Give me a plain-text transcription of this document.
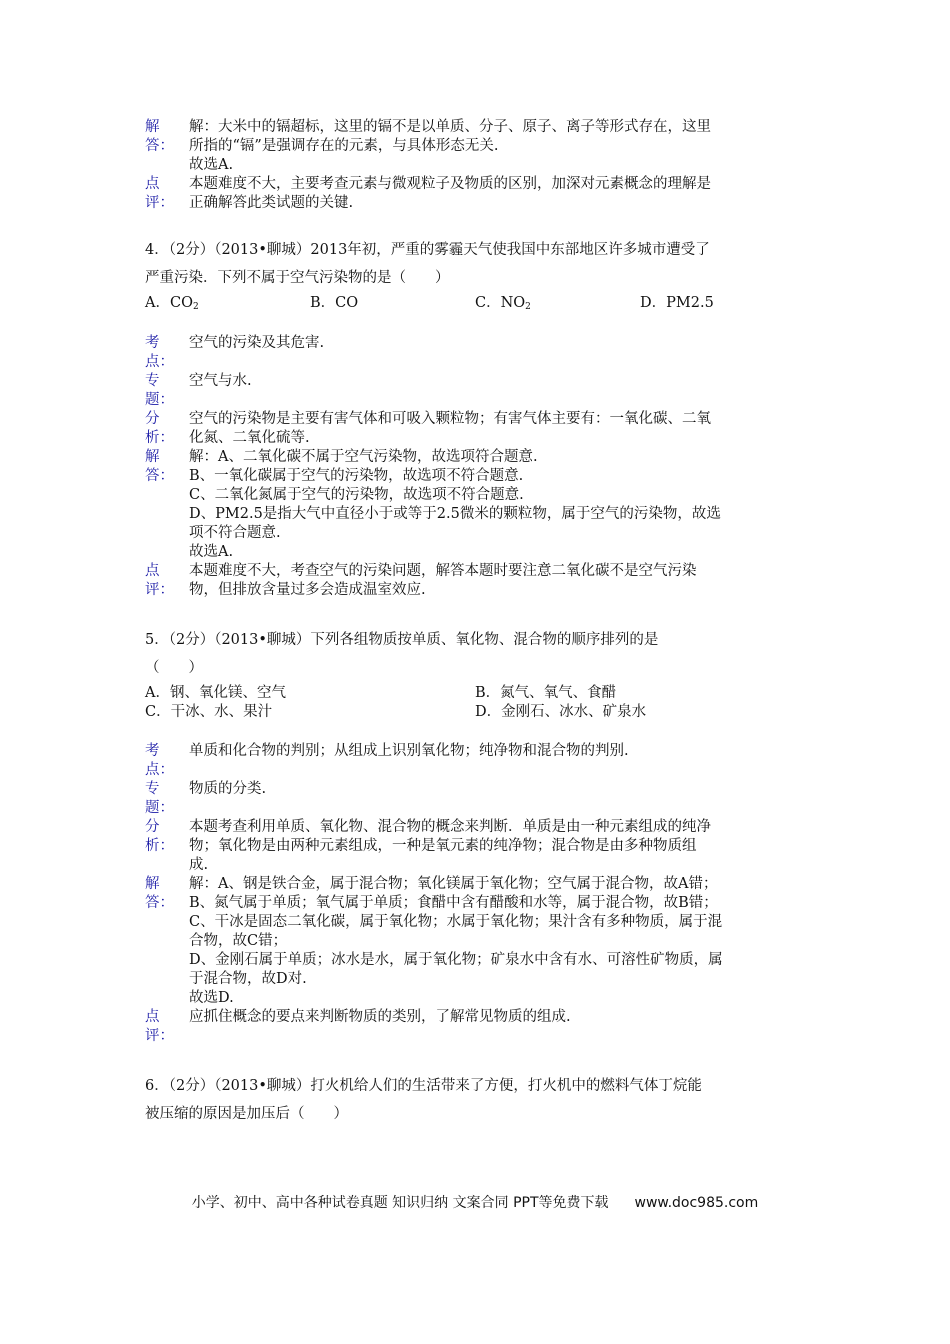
解
答：

解：大米中的镉超标，这里的镉不是以单质、分子、原子、离子等形式存在，这里

所指的“镉”是强调存在的元素，与具体形态无关.

故选A.

点
评：

本题难度不大，主要考查元素与微观粒子及物质的区别，加深对元素概念的理解是

正确解答此类试题的关键.

4．（2分）（2013•聊城）2013年初，严重的雾霾天气使我国中东部地区许多城市遭受了

严重污染．下列不属于空气污染物的是（　　）

A．$CO_2$	B．CO	C．$NO_2$	D．PM2.5
考
点：

空气的污染及其危害.

专
题：

空气与水.

分
析：

空气的污染物是主要有害气体和可吸入颗粒物；有害气体主要有：一氧化碳、二氧

化氮、二氧化硫等.

解
答：

解：A、二氧化碳不属于空气污染物，故选项符合题意.

B、一氧化碳属于空气的污染物，故选项不符合题意.

C、二氧化氮属于空气的污染物，故选项不符合题意.

D、PM2.5是指大气中直径小于或等于2.5微米的颗粒物，属于空气的污染物，故选

项不符合题意.

故选A.

点
评：

本题难度不大，考查空气的污染问题，解答本题时要注意二氧化碳不是空气污染

物，但排放含量过多会造成温室效应.

5．（2分）（2013•聊城）下列各组物质按单质、氧化物、混合物的顺序排列的是

（　　）

A．钢、氧化镁、空气	B．氮气、氧气、食醋
C．干冰、水、果汁	D．金刚石、冰水、矿泉水
考
点：

单质和化合物的判别；从组成上识别氧化物；纯净物和混合物的判别.

专
题：

物质的分类.

分
析：

本题考查利用单质、氧化物、混合物的概念来判断．单质是由一种元素组成的纯净

物；氧化物是由两种元素组成，一种是氧元素的纯净物；混合物是由多种物质组

成.

解
答：

解：A、钢是铁合金，属于混合物；氧化镁属于氧化物；空气属于混合物，故A错；

B、氮气属于单质；氧气属于单质；食醋中含有醋酸和水等，属于混合物，故B错；

C、干冰是固态二氧化碳，属于氧化物；水属于氧化物；果汁含有多种物质，属于混

合物，故C错；

D、金刚石属于单质；冰水是水，属于氧化物；矿泉水中含有水、可溶性矿物质，属

于混合物，故D对.

故选D.

点
评：

应抓住概念的要点来判断物质的类别，了解常见物质的组成.

6．（2分）（2013•聊城）打火机给人们的生活带来了方便，打火机中的燃料气体丁烷能

被压缩的原因是加压后（　　）

小学、初中、高中各种试卷真题 知识归纳 文案合同 PPT等免费下载 www.doc985.com
